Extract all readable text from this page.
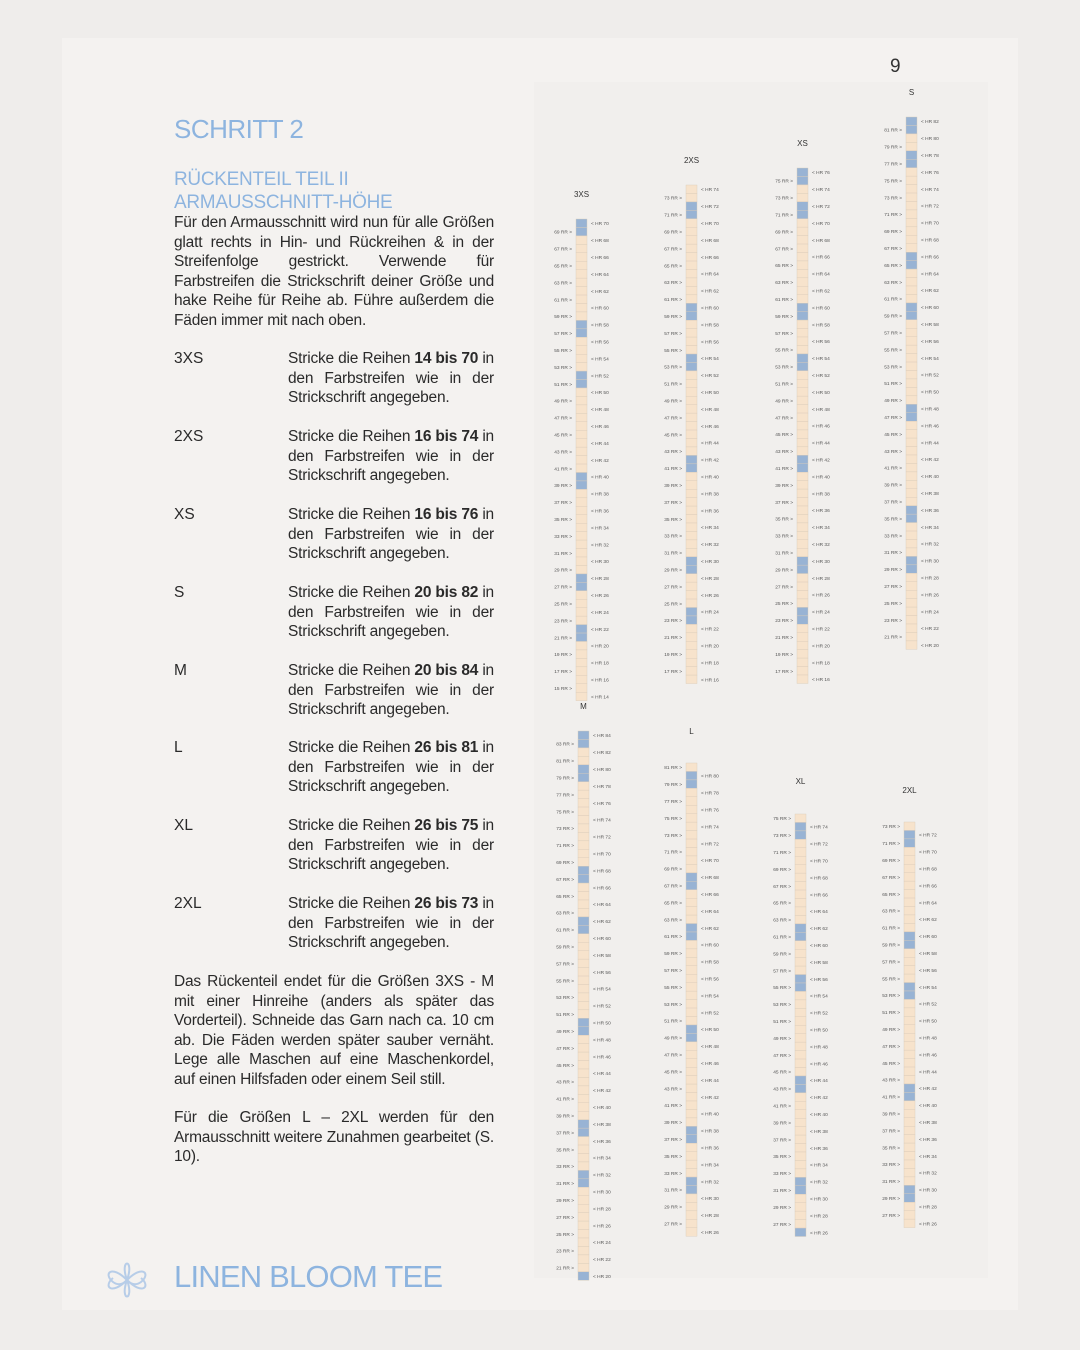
9
SCHRITT 2
RÜCKENTEIL TEIL II
ARMAUSSCHNITT-HÖHE
Für den Armausschnitt wird nun für alle Größen glatt rechts in Hin- und Rückreihen & in der Streifenfolge gestrickt. Verwende für Farbstreifen die Strickschrift deiner Größe und hake Reihe für Reihe ab. Führe außerdem die Fäden immer mit nach oben.
3XS	Stricke die Reihen 14 bis 70 in den Farbstreifen wie in der Strickschrift angegeben.
2XS	Stricke die Reihen 16 bis 74 in den Farbstreifen wie in der Strickschrift angegeben.
XS	Stricke die Reihen 16 bis 76 in den Farbstreifen wie in der Strickschrift angegeben.
S	Stricke die Reihen 20 bis 82 in den Farbstreifen wie in der Strickschrift angegeben.
M	Stricke die Reihen 20 bis 84 in den Farbstreifen wie in der Strickschrift angegeben.
L	Stricke die Reihen 26 bis 81 in den Farbstreifen wie in der Strickschrift angegeben.
XL	Stricke die Reihen 26 bis 75 in den Farbstreifen wie in der Strickschrift angegeben.
2XL	Stricke die Reihen 26 bis 73 in den Farbstreifen wie in der Strickschrift angegeben.
Das Rückenteil endet für die Größen 3XS - M mit einer Hinreihe (anders als später das Vorderteil). Schneide das Garn nach ca. 10 cm ab. Die Fäden werden später sauber vernäht. Lege alle Maschen auf eine Maschenkordel, auf einen Hilfsfaden oder einem Seil still.
Für die Größen L – 2XL werden für den Armausschnitt weitere Zunahmen gearbeitet (S. 10).
LINEN BLOOM TEE
3XS
< HR 70
69 RR >
< HR 68
67 RR >
< HR 66
65 RR >
< HR 64
63 RR >
< HR 62
61 RR >
< HR 60
59 RR >
< HR 58
57 RR >
< HR 56
55 RR >
< HR 54
53 RR >
< HR 52
51 RR >
< HR 50
49 RR >
< HR 48
47 RR >
< HR 46
45 RR >
< HR 44
43 RR >
< HR 42
41 RR >
< HR 40
39 RR >
< HR 38
37 RR >
< HR 36
35 RR >
< HR 34
33 RR >
< HR 32
31 RR >
< HR 30
29 RR >
< HR 28
27 RR >
< HR 26
25 RR >
< HR 24
23 RR >
< HR 22
21 RR >
< HR 20
19 RR >
< HR 18
17 RR >
< HR 16
15 RR >
< HR 14
2XS
< HR 74
73 RR >
< HR 72
71 RR >
< HR 70
69 RR >
< HR 68
67 RR >
< HR 66
65 RR >
< HR 64
63 RR >
< HR 62
61 RR >
< HR 60
59 RR >
< HR 58
57 RR >
< HR 56
55 RR >
< HR 54
53 RR >
< HR 52
51 RR >
< HR 50
49 RR >
< HR 48
47 RR >
< HR 46
45 RR >
< HR 44
43 RR >
< HR 42
41 RR >
< HR 40
39 RR >
< HR 38
37 RR >
< HR 36
35 RR >
< HR 34
33 RR >
< HR 32
31 RR >
< HR 30
29 RR >
< HR 28
27 RR >
< HR 26
25 RR >
< HR 24
23 RR >
< HR 22
21 RR >
< HR 20
19 RR >
< HR 18
17 RR >
< HR 16
XS
< HR 76
75 RR >
< HR 74
73 RR >
< HR 72
71 RR >
< HR 70
69 RR >
< HR 68
67 RR >
< HR 66
65 RR >
< HR 64
63 RR >
< HR 62
61 RR >
< HR 60
59 RR >
< HR 58
57 RR >
< HR 56
55 RR >
< HR 54
53 RR >
< HR 52
51 RR >
< HR 50
49 RR >
< HR 48
47 RR >
< HR 46
45 RR >
< HR 44
43 RR >
< HR 42
41 RR >
< HR 40
39 RR >
< HR 38
37 RR >
< HR 36
35 RR >
< HR 34
33 RR >
< HR 32
31 RR >
< HR 30
29 RR >
< HR 28
27 RR >
< HR 26
25 RR >
< HR 24
23 RR >
< HR 22
21 RR >
< HR 20
19 RR >
< HR 18
17 RR >
< HR 16
S
< HR 82
81 RR >
< HR 80
79 RR >
< HR 78
77 RR >
< HR 76
75 RR >
< HR 74
73 RR >
< HR 72
71 RR >
< HR 70
69 RR >
< HR 68
67 RR >
< HR 66
65 RR >
< HR 64
63 RR >
< HR 62
61 RR >
< HR 60
59 RR >
< HR 58
57 RR >
< HR 56
55 RR >
< HR 54
53 RR >
< HR 52
51 RR >
< HR 50
49 RR >
< HR 48
47 RR >
< HR 46
45 RR >
< HR 44
43 RR >
< HR 42
41 RR >
< HR 40
39 RR >
< HR 38
37 RR >
< HR 36
35 RR >
< HR 34
33 RR >
< HR 32
31 RR >
< HR 30
29 RR >
< HR 28
27 RR >
< HR 26
25 RR >
< HR 24
23 RR >
< HR 22
21 RR >
< HR 20
M
< HR 84
83 RR >
< HR 82
81 RR >
< HR 80
79 RR >
< HR 78
77 RR >
< HR 76
75 RR >
< HR 74
73 RR >
< HR 72
71 RR >
< HR 70
69 RR >
< HR 68
67 RR >
< HR 66
65 RR >
< HR 64
63 RR >
< HR 62
61 RR >
< HR 60
59 RR >
< HR 58
57 RR >
< HR 56
55 RR >
< HR 54
53 RR >
< HR 52
51 RR >
< HR 50
49 RR >
< HR 48
47 RR >
< HR 46
45 RR >
< HR 44
43 RR >
< HR 42
41 RR >
< HR 40
39 RR >
< HR 38
37 RR >
< HR 36
35 RR >
< HR 34
33 RR >
< HR 32
31 RR >
< HR 30
29 RR >
< HR 28
27 RR >
< HR 26
25 RR >
< HR 24
23 RR >
< HR 22
21 RR >
< HR 20
L
81 RR >
< HR 80
79 RR >
< HR 78
77 RR >
< HR 76
75 RR >
< HR 74
73 RR >
< HR 72
71 RR >
< HR 70
69 RR >
< HR 68
67 RR >
< HR 66
65 RR >
< HR 64
63 RR >
< HR 62
61 RR >
< HR 60
59 RR >
< HR 58
57 RR >
< HR 56
55 RR >
< HR 54
53 RR >
< HR 52
51 RR >
< HR 50
49 RR >
< HR 48
47 RR >
< HR 46
45 RR >
< HR 44
43 RR >
< HR 42
41 RR >
< HR 40
39 RR >
< HR 38
37 RR >
< HR 36
35 RR >
< HR 34
33 RR >
< HR 32
31 RR >
< HR 30
29 RR >
< HR 28
27 RR >
< HR 26
XL
75 RR >
< HR 74
73 RR >
< HR 72
71 RR >
< HR 70
69 RR >
< HR 68
67 RR >
< HR 66
65 RR >
< HR 64
63 RR >
< HR 62
61 RR >
< HR 60
59 RR >
< HR 58
57 RR >
< HR 56
55 RR >
< HR 54
53 RR >
< HR 52
51 RR >
< HR 50
49 RR >
< HR 48
47 RR >
< HR 46
45 RR >
< HR 44
43 RR >
< HR 42
41 RR >
< HR 40
39 RR >
< HR 38
37 RR >
< HR 36
35 RR >
< HR 34
33 RR >
< HR 32
31 RR >
< HR 30
29 RR >
< HR 28
27 RR >
< HR 26
2XL
73 RR >
< HR 72
71 RR >
< HR 70
69 RR >
< HR 68
67 RR >
< HR 66
65 RR >
< HR 64
63 RR >
< HR 62
61 RR >
< HR 60
59 RR >
< HR 58
57 RR >
< HR 56
55 RR >
< HR 54
53 RR >
< HR 52
51 RR >
< HR 50
49 RR >
< HR 48
47 RR >
< HR 46
45 RR >
< HR 44
43 RR >
< HR 42
41 RR >
< HR 40
39 RR >
< HR 38
37 RR >
< HR 36
35 RR >
< HR 34
33 RR >
< HR 32
31 RR >
< HR 30
29 RR >
< HR 28
27 RR >
< HR 26
